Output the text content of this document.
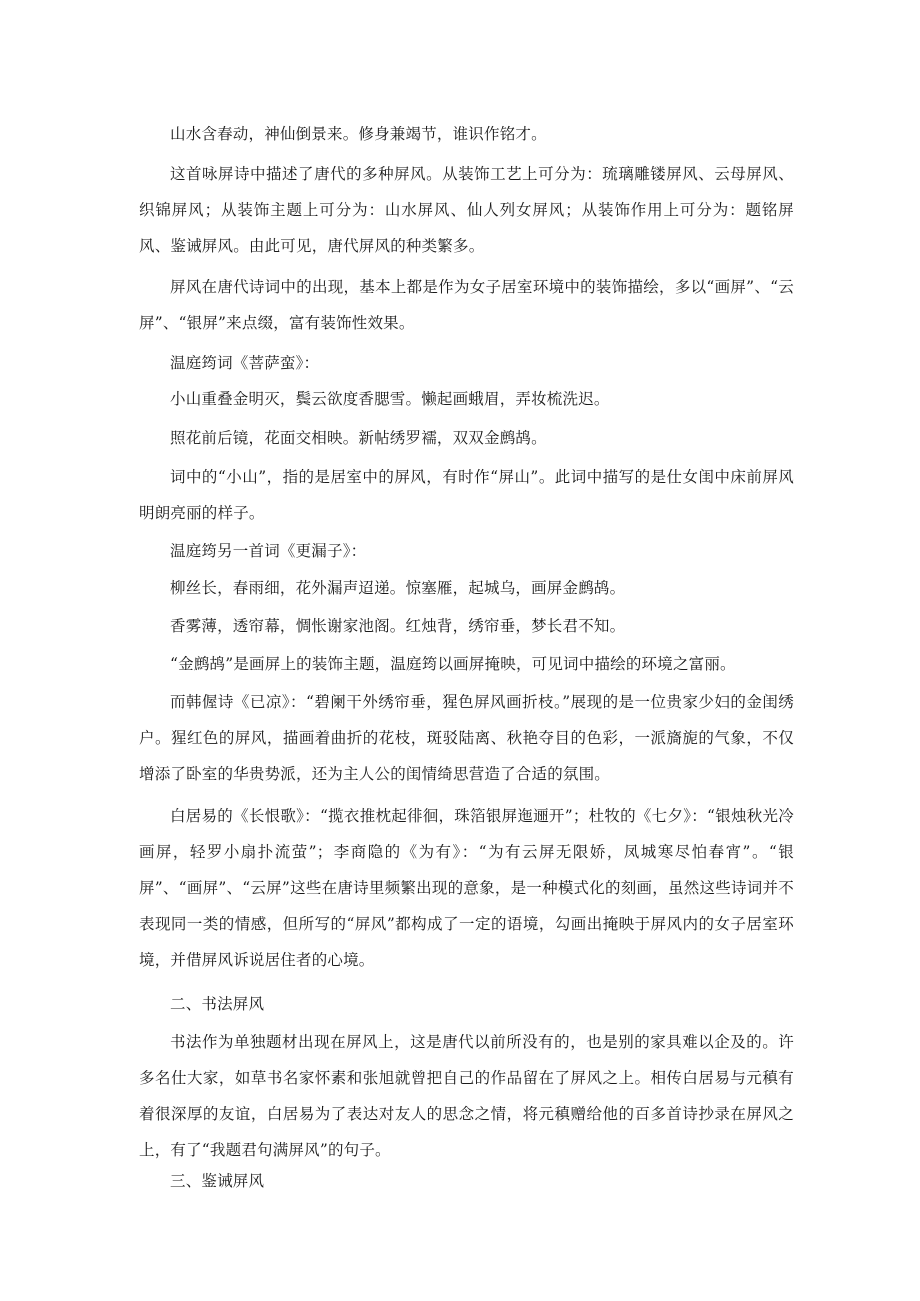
山水含春动，神仙倒景来。修身兼竭节，谁识作铭才。

这首咏屏诗中描述了唐代的多种屏风。从装饰工艺上可分为：琉璃雕镂屏风、云母屏风、织锦屏风；从装饰主题上可分为：山水屏风、仙人列女屏风；从装饰作用上可分为：题铭屏风、鉴诫屏风。由此可见，唐代屏风的种类繁多。

屏风在唐代诗词中的出现，基本上都是作为女子居室环境中的装饰描绘，多以“画屏”、“云屏”、“银屏”来点缀，富有装饰性效果。

温庭筠词《菩萨蛮》：

小山重叠金明灭，鬓云欲度香腮雪。懒起画蛾眉，弄妆梳洗迟。

照花前后镜，花面交相映。新帖绣罗襦，双双金鹧鸪。

词中的“小山”，指的是居室中的屏风，有时作“屏山”。此词中描写的是仕女闺中床前屏风明朗亮丽的样子。

温庭筠另一首词《更漏子》：

柳丝长，春雨细，花外漏声迢递。惊塞雁，起城乌，画屏金鹧鸪。

香雾薄，透帘幕，惆怅谢家池阁。红烛背，绣帘垂，梦长君不知。

“金鹧鸪”是画屏上的装饰主题，温庭筠以画屏掩映，可见词中描绘的环境之富丽。

而韩偓诗《已凉》：“碧阑干外绣帘垂，猩色屏风画折枝。”展现的是一位贵家少妇的金闺绣户。猩红色的屏风，描画着曲折的花枝，斑驳陆离、秋艳夺目的色彩，一派旖旎的气象，不仅增添了卧室的华贵势派，还为主人公的闺情绮思营造了合适的氛围。

白居易的《长恨歌》：“揽衣推枕起徘徊，珠箔银屏迤逦开”；杜牧的《七夕》：“银烛秋光冷画屏，轻罗小扇扑流萤”；李商隐的《为有》：“为有云屏无限娇，凤城寒尽怕春宵”。“银屏”、“画屏”、“云屏”这些在唐诗里频繁出现的意象，是一种模式化的刻画，虽然这些诗词并不表现同一类的情感，但所写的“屏风”都构成了一定的语境，勾画出掩映于屏风内的女子居室环境，并借屏风诉说居住者的心境。

二、书法屏风

书法作为单独题材出现在屏风上，这是唐代以前所没有的，也是别的家具难以企及的。许多名仕大家，如草书名家怀素和张旭就曾把自己的作品留在了屏风之上。相传白居易与元稹有着很深厚的友谊，白居易为了表达对友人的思念之情，将元稹赠给他的百多首诗抄录在屏风之上，有了“我题君句满屏风”的句子。

三、鉴诫屏风
